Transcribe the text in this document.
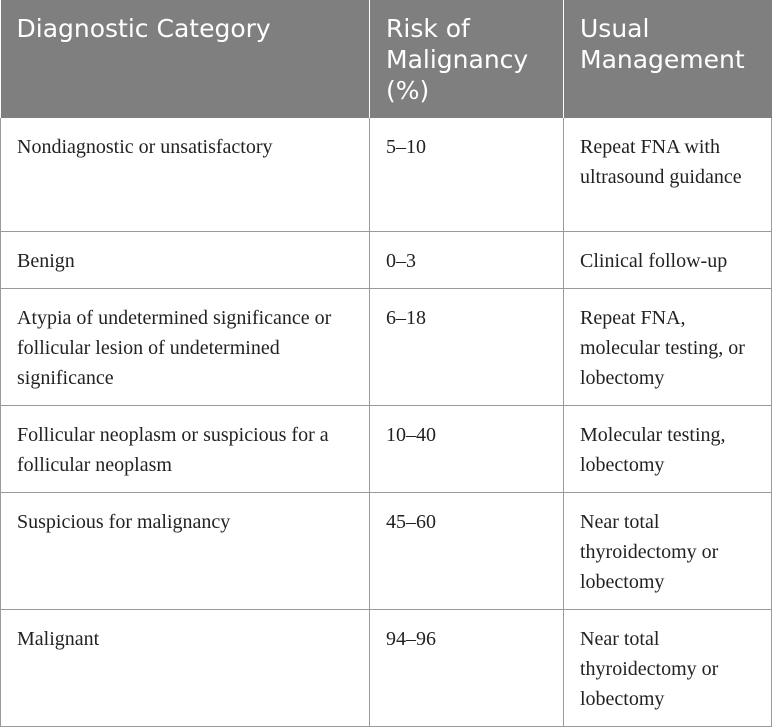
Diagnostic Category	Risk of Malignancy (%)	Usual Management
Nondiagnostic or unsatisfactory	5–10	Repeat FNA with ultrasound guidance
Benign	0–3	Clinical follow-up
Atypia of undetermined significance or follicular lesion of undetermined significance	6–18	Repeat FNA, molecular testing, or lobectomy
Follicular neoplasm or suspicious for a follicular neoplasm	10–40	Molecular testing, lobectomy
Suspicious for malignancy	45–60	Near total thyroidectomy or lobectomy
Malignant	94–96	Near total thyroidectomy or lobectomy
